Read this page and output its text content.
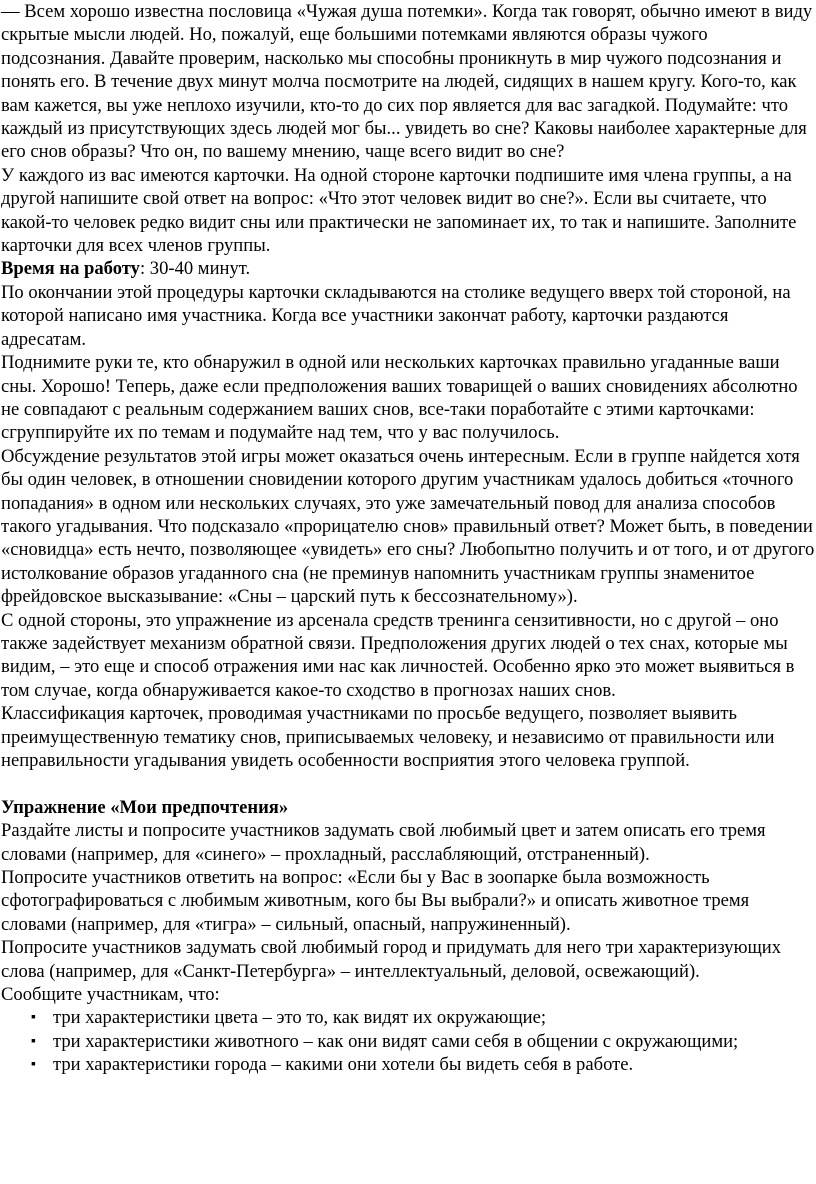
— Всем хорошо известна пословица «Чужая душа потемки». Когда так говорят, обычно имеют в виду скрытые мысли людей. Но, пожалуй, еще большими потемками являются образы чужого подсознания. Давайте проверим, насколько мы способны проникнуть в мир чужого подсознания и понять его. В течение двух минут молча посмотрите на людей, сидящих в нашем кругу. Кого-то, как вам кажется, вы уже неплохо изучили, кто-то до сих пор является для вас загадкой. Подумайте: что каждый из присутствующих здесь людей мог бы... увидеть во сне? Каковы наиболее характерные для его снов образы? Что он, по вашему мнению, чаще всего видит во сне?

У каждого из вас имеются карточки. На одной стороне карточки подпишите имя члена группы, а на другой напишите свой ответ на вопрос: «Что этот человек видит во сне?». Если вы считаете, что какой-то человек редко видит сны или практически не запоминает их, то так и напишите. Заполните карточки для всех членов группы.

Время на работу: 30-40 минут.

По окончании этой процедуры карточки складываются на столике ведущего вверх той стороной, на которой написано имя участника. Когда все участники закончат работу, карточки раздаются адресатам.

Поднимите руки те, кто обнаружил в одной или нескольких карточках правильно угаданные ваши сны. Хорошо! Теперь, даже если предположения ваших товарищей о ваших сновидениях абсолютно не совпадают с реальным содержанием ваших снов, все-таки поработайте с этими карточками: сгруппируйте их по темам и подумайте над тем, что у вас получилось.

Обсуждение результатов этой игры может оказаться очень интересным. Если в группе найдется хотя бы один человек, в отношении сновидении которого другим участникам удалось добиться «точного попадания» в одном или нескольких случаях, это уже замечательный повод для анализа способов такого угадывания. Что подсказало «прорицателю снов» правильный ответ? Может быть, в поведении «сновидца» есть нечто, позволяющее «увидеть» его сны? Любопытно получить и от того, и от другого истолкование образов угаданного сна (не преминув напомнить участникам группы знаменитое фрейдовское высказывание: «Сны – царский путь к бессознательному»).

С одной стороны, это упражнение из арсенала средств тренинга сензитивности, но с другой – оно также задействует механизм обратной связи. Предположения других людей о тех снах, которые мы видим, – это еще и способ отражения ими нас как личностей. Особенно ярко это может выявиться в том случае, когда обнаруживается какое-то сходство в прогнозах наших снов.

Классификация карточек, проводимая участниками по просьбе ведущего, позволяет выявить преимущественную тематику снов, приписываемых человеку, и независимо от правильности или неправильности угадывания увидеть особенности восприятия этого человека группой.

Упражнение «Мои предпочтения»

Раздайте листы и попросите участников задумать свой любимый цвет и затем описать его тремя словами (например, для «синего» – прохладный, расслабляющий, отстраненный).

Попросите участников ответить на вопрос: «Если бы у Вас в зоопарке была возможность сфотографироваться с любимым животным, кого бы Вы выбрали?» и описать животное тремя словами (например, для «тигра» – сильный, опасный, напружиненный).

Попросите участников задумать свой любимый город и придумать для него три характеризующих слова (например, для «Санкт-Петербурга» – интеллектуальный, деловой, освежающий).

Сообщите участникам, что:

▪ три характеристики цвета – это то, как видят их окружающие;
▪ три характеристики животного – как они видят сами себя в общении с окружающими;
▪ три характеристики города – какими они хотели бы видеть себя в работе.
